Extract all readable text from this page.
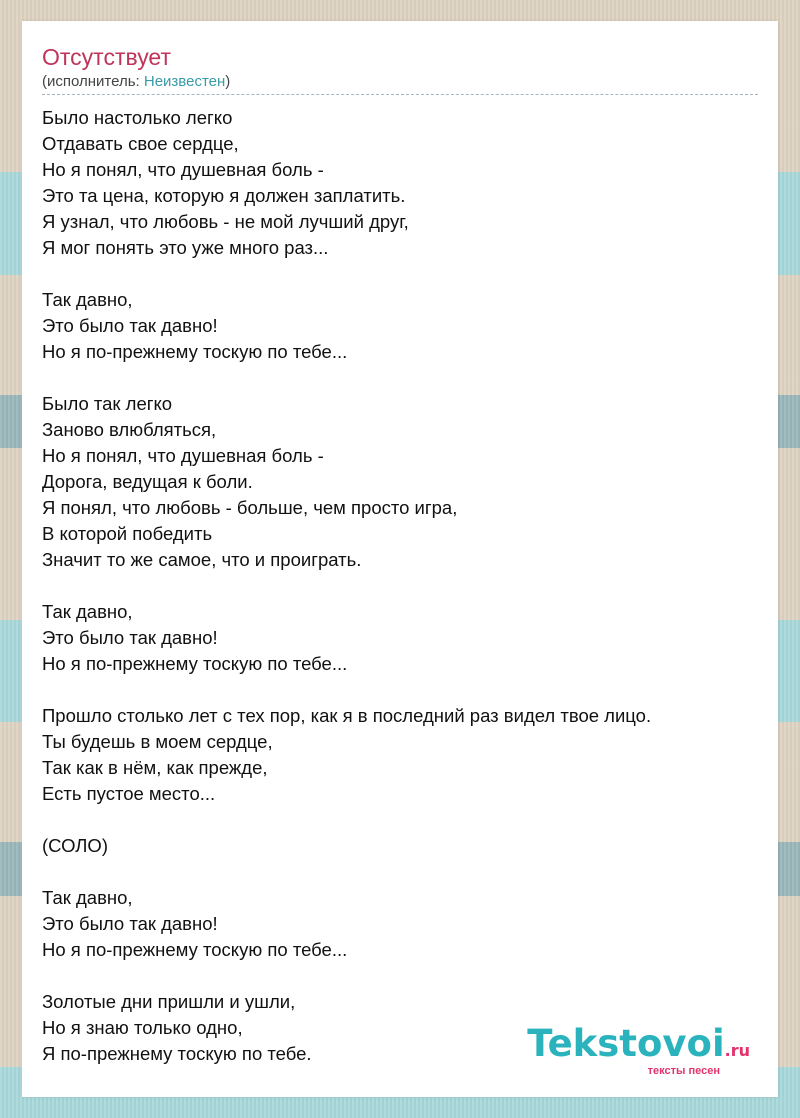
Отсутствует
(исполнитель: Неизвестен)
Было настолько легко
Отдавать свое сердце,
Но я понял, что душевная боль -
Это та цена, которую я должен заплатить.
Я узнал, что любовь - не мой лучший друг,
Я мог понять это уже много раз...
Так давно,
Это было так давно!
Но я по-прежнему тоскую по тебе...
Было так легко
Заново влюбляться,
Но я понял, что душевная боль -
Дорога, ведущая к боли.
Я понял, что любовь - больше, чем просто игра,
В которой победить
Значит то же самое, что и проиграть.
Так давно,
Это было так давно!
Но я по-прежнему тоскую по тебе...
Прошло столько лет с тех пор, как я в последний раз видел твое лицо.
Ты будешь в моем сердце,
Так как в нём, как прежде,
Есть пустое место...
(СОЛО)
Так давно,
Это было так давно!
Но я по-прежнему тоскую по тебе...
Золотые дни пришли и ушли,
Но я знаю только одно,
Я по-прежнему тоскую по тебе.	Tekstovoi.ru
тексты песен
